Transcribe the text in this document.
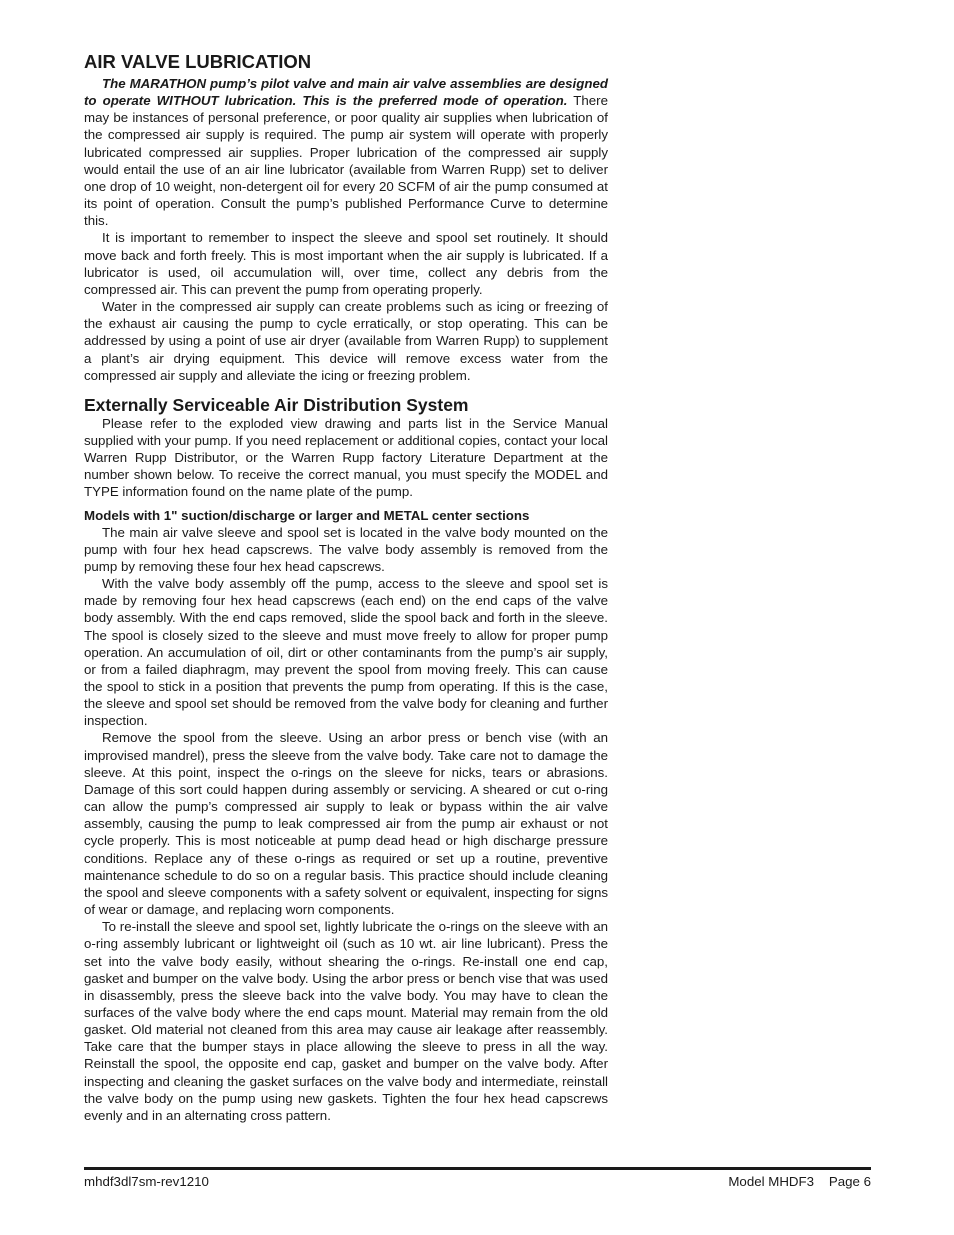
AIR VALVE LUBRICATION

The MARATHON pump’s pilot valve and main air valve assemblies are designed to operate WITHOUT lubrication. This is the preferred mode of operation. There may be instances of personal preference, or poor quality air supplies when lubrication of the compressed air supply is required. The pump air system will operate with properly lubricated compressed air supplies. Proper lubrication of the compressed air supply would entail the use of an air line lubricator (available from Warren Rupp) set to deliver one drop of 10 weight, non-detergent oil for every 20 SCFM of air the pump consumed at its point of operation. Consult the pump’s published Performance Curve to determine this.

It is important to remember to inspect the sleeve and spool set routinely. It should move back and forth freely. This is most important when the air supply is lubricated. If a lubricator is used, oil accumulation will, over time, collect any debris from the compressed air. This can prevent the pump from operating properly.

Water in the compressed air supply can create problems such as icing or freezing of the exhaust air causing the pump to cycle erratically, or stop operating. This can be addressed by using a point of use air dryer (available from Warren Rupp) to supplement a plant’s air drying equipment. This device will remove excess water from the compressed air supply and alleviate the icing or freezing problem.

Externally Serviceable Air Distribution System

Please refer to the exploded view drawing and parts list in the Service Manual supplied with your pump. If you need replacement or additional copies, contact your local Warren Rupp Distributor, or the Warren Rupp factory Literature Department at the number shown below. To receive the correct manual, you must specify the MODEL and TYPE information found on the name plate of the pump.

Models with 1" suction/discharge or larger and METAL center sections

The main air valve sleeve and spool set is located in the valve body mounted on the pump with four hex head capscrews. The valve body assembly is removed from the pump by removing these four hex head capscrews.

With the valve body assembly off the pump, access to the sleeve and spool set is made by removing four hex head capscrews (each end) on the end caps of the valve body assembly. With the end caps removed, slide the spool back and forth in the sleeve. The spool is closely sized to the sleeve and must move freely to allow for proper pump operation. An accumulation of oil, dirt or other contaminants from the pump’s air supply, or from a failed diaphragm, may prevent the spool from moving freely. This can cause the spool to stick in a position that prevents the pump from operating. If this is the case, the sleeve and spool set should be removed from the valve body for cleaning and further inspection.

Remove the spool from the sleeve. Using an arbor press or bench vise (with an improvised mandrel), press the sleeve from the valve body. Take care not to damage the sleeve. At this point, inspect the o-rings on the sleeve for nicks, tears or abrasions. Damage of this sort could happen during assembly or servicing. A sheared or cut o-ring can allow the pump’s compressed air supply to leak or bypass within the air valve assembly, causing the pump to leak compressed air from the pump air exhaust or not cycle properly. This is most noticeable at pump dead head or high discharge pressure conditions. Replace any of these o-rings as required or set up a routine, preventive maintenance schedule to do so on a regular basis. This practice should include cleaning the spool and sleeve components with a safety solvent or equivalent, inspecting for signs of wear or damage, and replacing worn components.

To re-install the sleeve and spool set, lightly lubricate the o-rings on the sleeve with an o-ring assembly lubricant or lightweight oil (such as 10 wt. air line lubricant). Press the set into the valve body easily, without shearing the o-rings. Re-install one end cap, gasket and bumper on the valve body. Using the arbor press or bench vise that was used in disassembly, press the sleeve back into the valve body. You may have to clean the surfaces of the valve body where the end caps mount. Material may remain from the old gasket. Old material not cleaned from this area may cause air leakage after reassembly. Take care that the bumper stays in place allowing the sleeve to press in all the way. Reinstall the spool, the opposite end cap, gasket and bumper on the valve body. After inspecting and cleaning the gasket surfaces on the valve body and intermediate, reinstall the valve body on the pump using new gaskets. Tighten the four hex head capscrews evenly and in an alternating cross pattern.

mhdf3dl7sm-rev1210	Model MHDF3 Page 6
